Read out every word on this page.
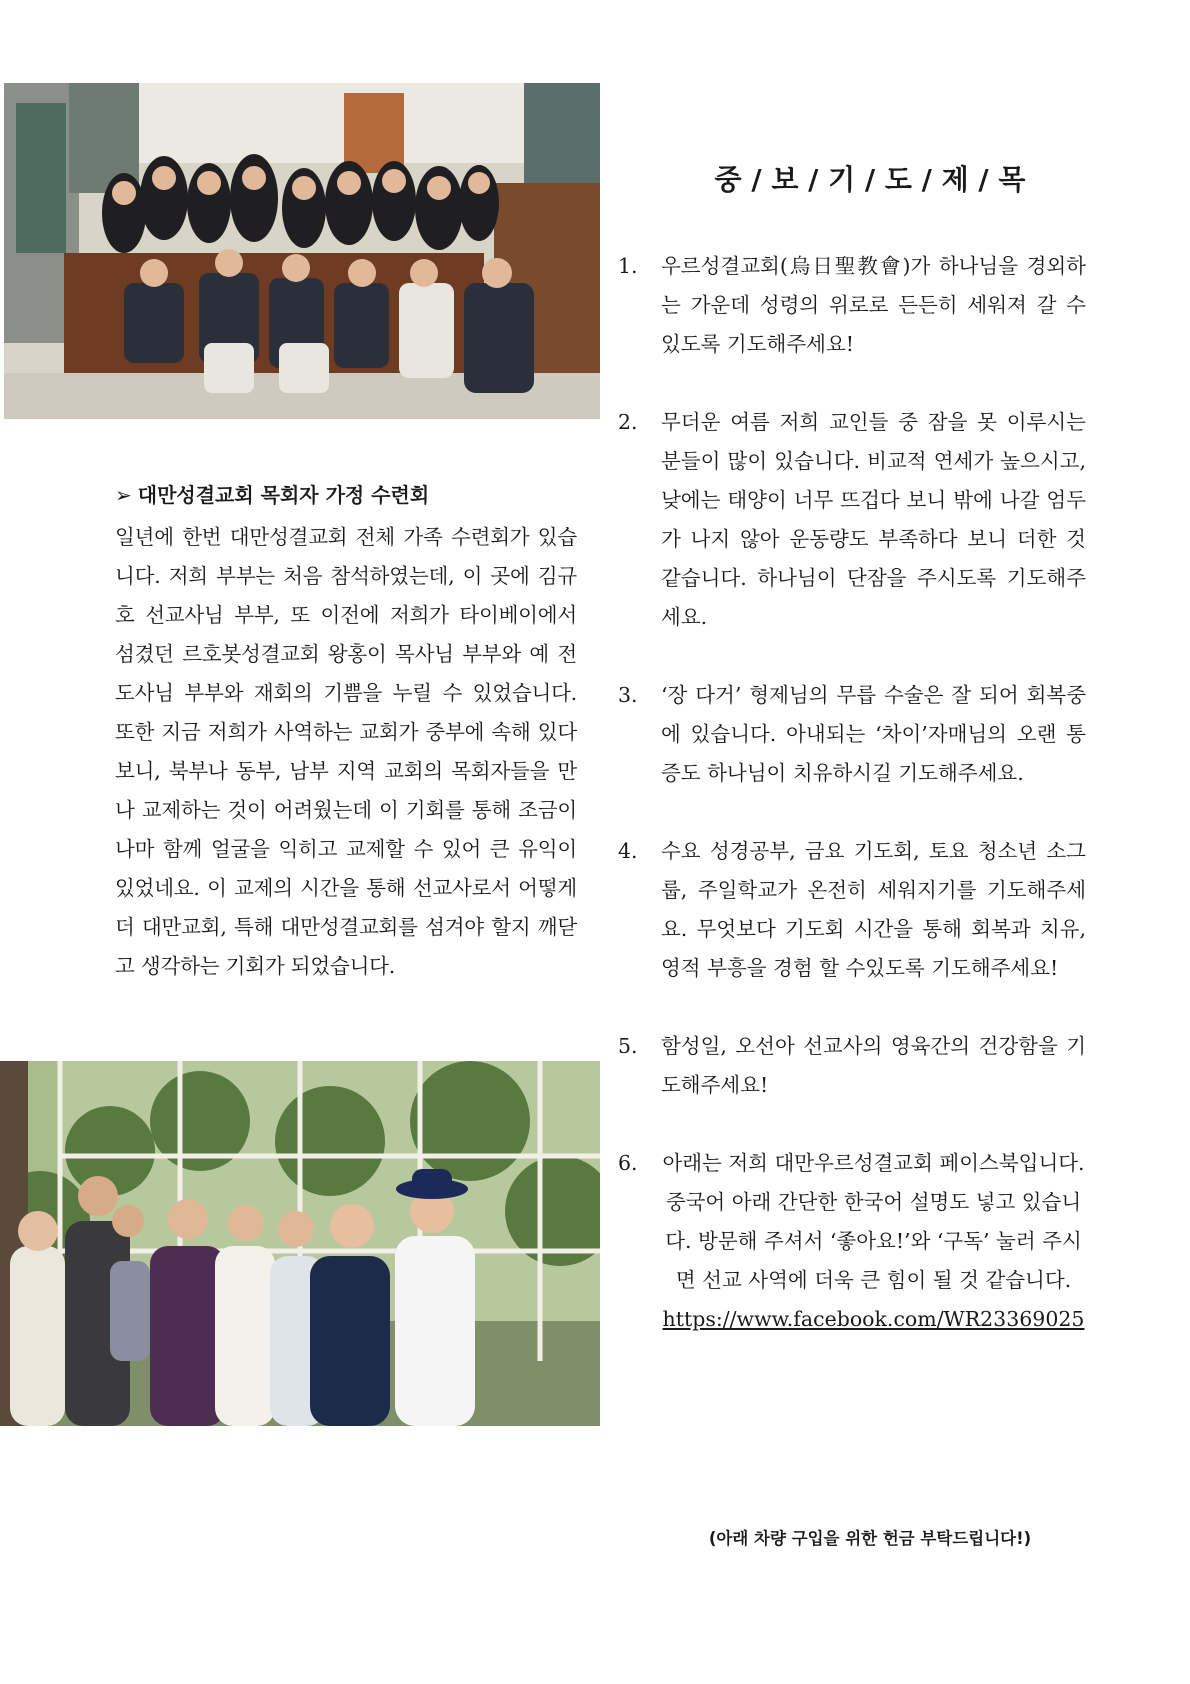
➢ 대만성결교회 목회자 가정 수련회

일년에 한번 대만성결교회 전체 가족 수련회가 있습니다. 저희 부부는 처음 참석하였는데, 이 곳에 김규호 선교사님 부부, 또 이전에 저희가 타이베이에서 섬겼던 르호봇성결교회 왕홍이 목사님 부부와 예 전도사님 부부와 재회의 기쁨을 누릴 수 있었습니다. 또한 지금 저희가 사역하는 교회가 중부에 속해 있다 보니, 북부나 동부, 남부 지역 교회의 목회자들을 만나 교제하는 것이 어려웠는데 이 기회를 통해 조금이나마 함께 얼굴을 익히고 교제할 수 있어 큰 유익이 있었네요. 이 교제의 시간을 통해 선교사로서 어떻게 더 대만교회, 특해 대만성결교회를 섬겨야 할지 깨닫고 생각하는 기회가 되었습니다.

중 / 보 / 기 / 도 / 제 / 목
1. 우르성결교회(烏日聖教會)가 하나님을 경외하는 가운데 성령의 위로로 든든히 세워져 갈 수 있도록 기도해주세요!
2. 무더운 여름 저희 교인들 중 잠을 못 이루시는 분들이 많이 있습니다. 비교적 연세가 높으시고, 낮에는 태양이 너무 뜨겁다 보니 밖에 나갈 엄두가 나지 않아 운동량도 부족하다 보니 더한 것 같습니다. 하나님이 단잠을 주시도록 기도해주세요.
3. ‘장 다거’ 형제님의 무릅 수술은 잘 되어 회복중에 있습니다. 아내되는 ‘차이’자매님의 오랜 통증도 하나님이 치유하시길 기도해주세요.
4. 수요 성경공부, 금요 기도회, 토요 청소년 소그룹, 주일학교가 온전히 세워지기를 기도해주세요. 무엇보다 기도회 시간을 통해 회복과 치유, 영적 부흥을 경험 할 수있도록 기도해주세요!
5. 함성일, 오선아 선교사의 영육간의 건강함을 기도해주세요!
6. 아래는 저희 대만우르성결교회 페이스북입니다. 중국어 아래 간단한 한국어 설명도 넣고 있습니다. 방문해 주셔서 ‘좋아요!’와 ‘구독’ 눌러 주시면 선교 사역에 더욱 큰 힘이 될 것 같습니다.
https://www.facebook.com/WR23369025

(아래 차량 구입을 위한 헌금 부탁드립니다!)
